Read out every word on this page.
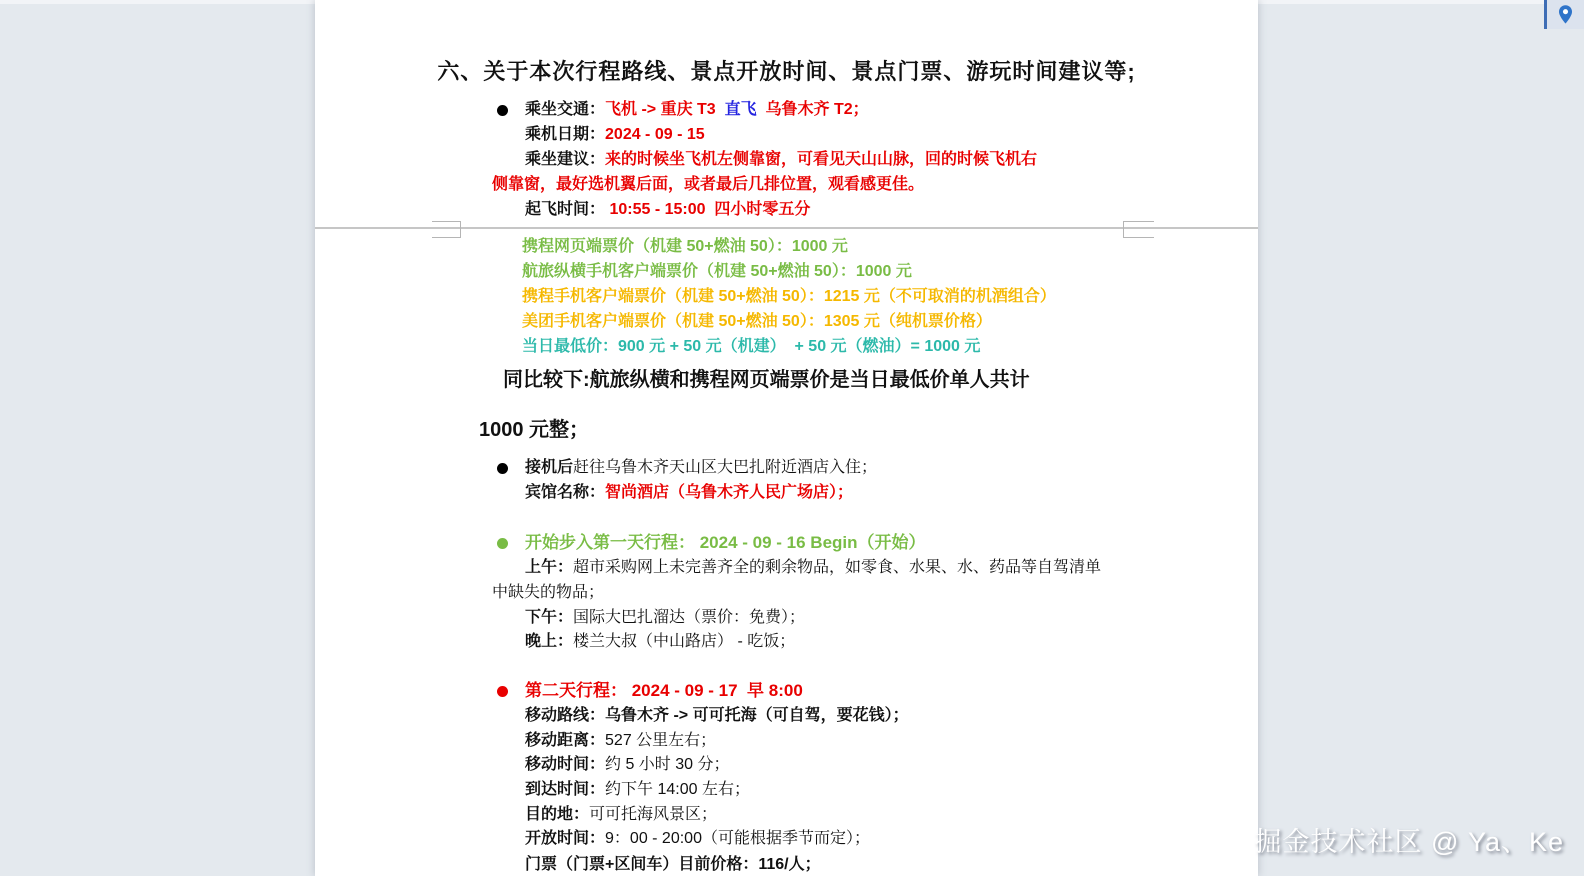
六、关于本次行程路线、景点开放时间、景点门票、游玩时间建议等;
乘坐交通：飞机 -> 重庆 T3  直飞  乌鲁木齐 T2；
乘机日期：2024 - 09 - 15
乘坐建议：来的时候坐飞机左侧靠窗，可看见天山山脉，回的时候飞机右
侧靠窗，最好选机翼后面，或者最后几排位置，观看感更佳。
起飞时间： 10:55 - 15:00  四小时零五分
携程网页端票价（机建 50+燃油 50）：1000 元
航旅纵横手机客户端票价（机建 50+燃油 50）：1000 元
携程手机客户端票价（机建 50+燃油 50）：1215 元（不可取消的机酒组合）
美团手机客户端票价（机建 50+燃油 50）：1305 元（纯机票价格）
当日最低价：900 元 + 50 元（机建）  + 50 元（燃油）= 1000 元
同比较下:航旅纵横和携程网页端票价是当日最低价单人共计
1000 元整；
接机后赶往乌鲁木齐天山区大巴扎附近酒店入住；
宾馆名称：智尚酒店（乌鲁木齐人民广场店）；
开始步入第一天行程： 2024 - 09 - 16 Begin（开始）
上午：超市采购网上未完善齐全的剩余物品，如零食、水果、水、药品等自驾清单
中缺失的物品；
下午：国际大巴扎溜达（票价：免费）；
晚上：楼兰大叔（中山路店） - 吃饭；
第二天行程： 2024 - 09 - 17  早 8:00
移动路线：乌鲁木齐 -> 可可托海（可自驾，要花钱）；
移动距离：527 公里左右；
移动时间：约 5 小时 30 分；
到达时间：约下午 14:00 左右；
目的地：可可托海风景区；
开放时间：9：00 - 20:00（可能根据季节而定）；
门票（门票+区间车）目前价格：116/人；
掘金技术社区 @ Ya、Ke
